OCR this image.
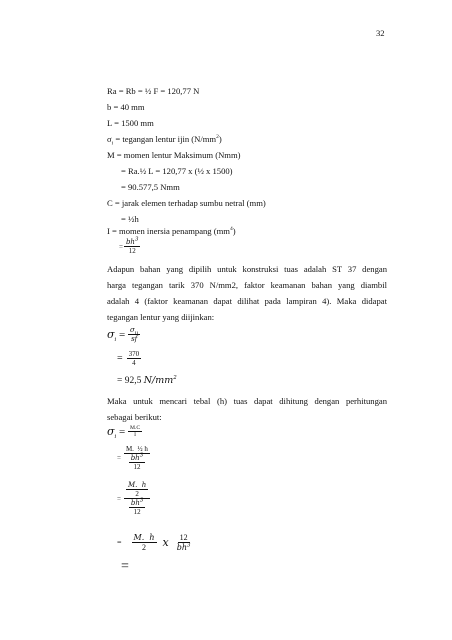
32
Ra = Rb = ½ F = 120,77 N
b = 40 mm
L = 1500 mm
$\sigma_i$ = tegangan lentur ijin $(N/mm^2)$
M = momen lentur Maksimum (Nmm)
= Ra.½ L = 120,77 x (½ x 1500)
= 90.577,5 Nmm
C = jarak elemen terhadap sumbu netral (mm)
= ½h
I = momen inersia penampang $(mm^4)$
= $\frac{bh^3}{12}$
Adapun bahan yang dipilih untuk konstruksi tuas adalah ST 37 dengan
harga tegangan tarik 370 N/mm2, faktor keamanan bahan yang diambil
adalah 4 (faktor keamanan dapat dilihat pada lampiran 4). Maka didapat
tegangan lentur yang diijinkan:
$\sigma_i = \frac{\sigma_u}{sf}$
= $\frac{370}{4}$
= 92,5 $N/mm^2$
Maka untuk mencari tebal (h) tuas dapat dihitung dengan perhitungan
sebagai berikut:
$\sigma_i = \frac{M.C}{I}$
= $\frac{\text{M.  ½ h}}{\frac{bh^3}{12}}$
= $\frac{\frac{M. h}{2}}{\frac{bh^3}{12}}$
= $\frac{M. h}{2}$ x $\frac{12}{bh^3}$
=
